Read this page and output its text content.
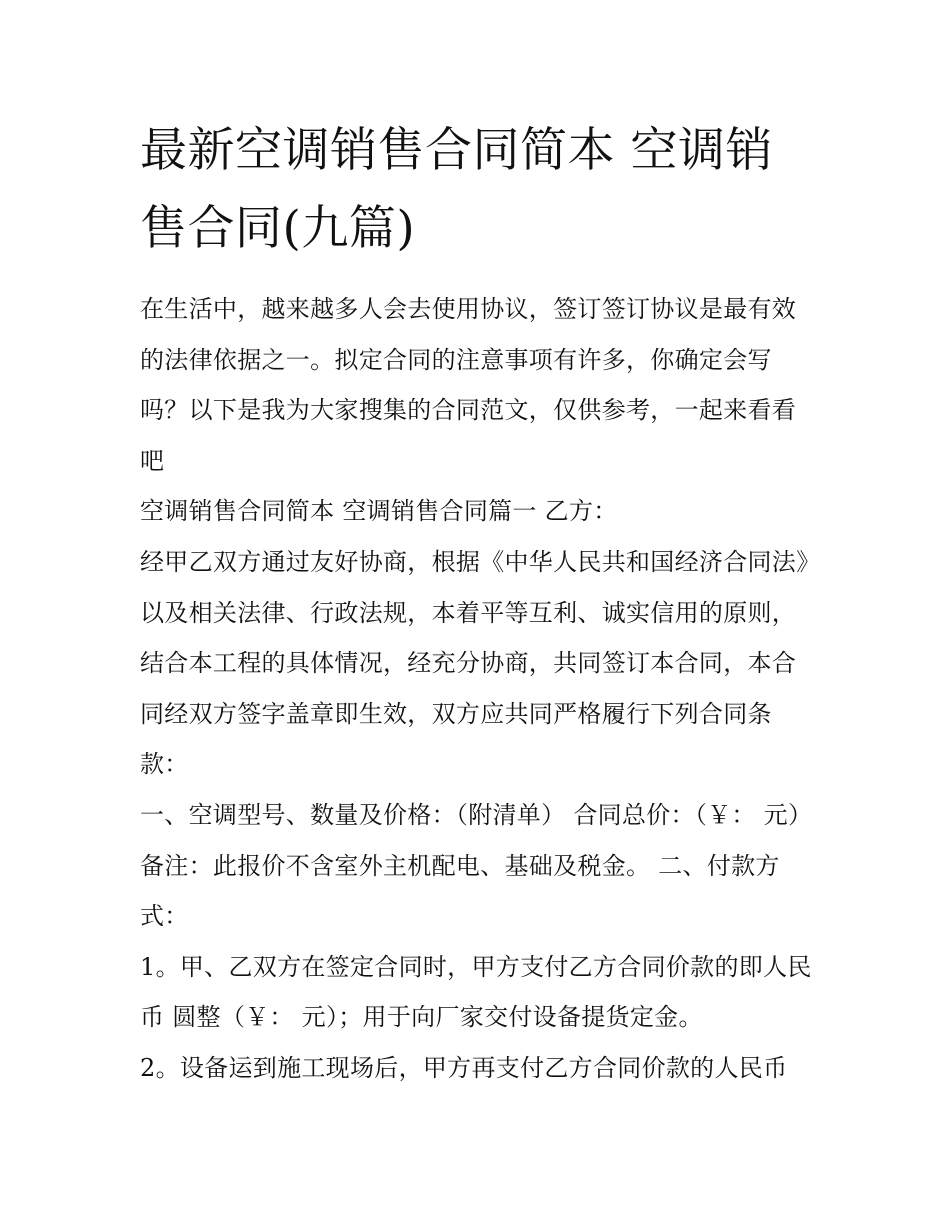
最新空调销售合同简本 空调销售合同(九篇)

在生活中，越来越多人会去使用协议，签订签订协议是最有效的法律依据之一。拟定合同的注意事项有许多，你确定会写吗？以下是我为大家搜集的合同范文，仅供参考，一起来看看吧

空调销售合同简本 空调销售合同篇一 乙方：

经甲乙双方通过友好协商，根据《中华人民共和国经济合同法》以及相关法律、行政法规，本着平等互利、诚实信用的原则，结合本工程的具体情况，经充分协商，共同签订本合同，本合同经双方签字盖章即生效，双方应共同严格履行下列合同条款：

一、空调型号、数量及价格：（附清单） 合同总价：（￥： 元） 备注：此报价不含室外主机配电、基础及税金。 二、付款方式：

1。甲、乙双方在签定合同时，甲方支付乙方合同价款的即人民币 圆整（￥： 元）；用于向厂家交付设备提货定金。

2。设备运到施工现场后，甲方再支付乙方合同价款的人民币
